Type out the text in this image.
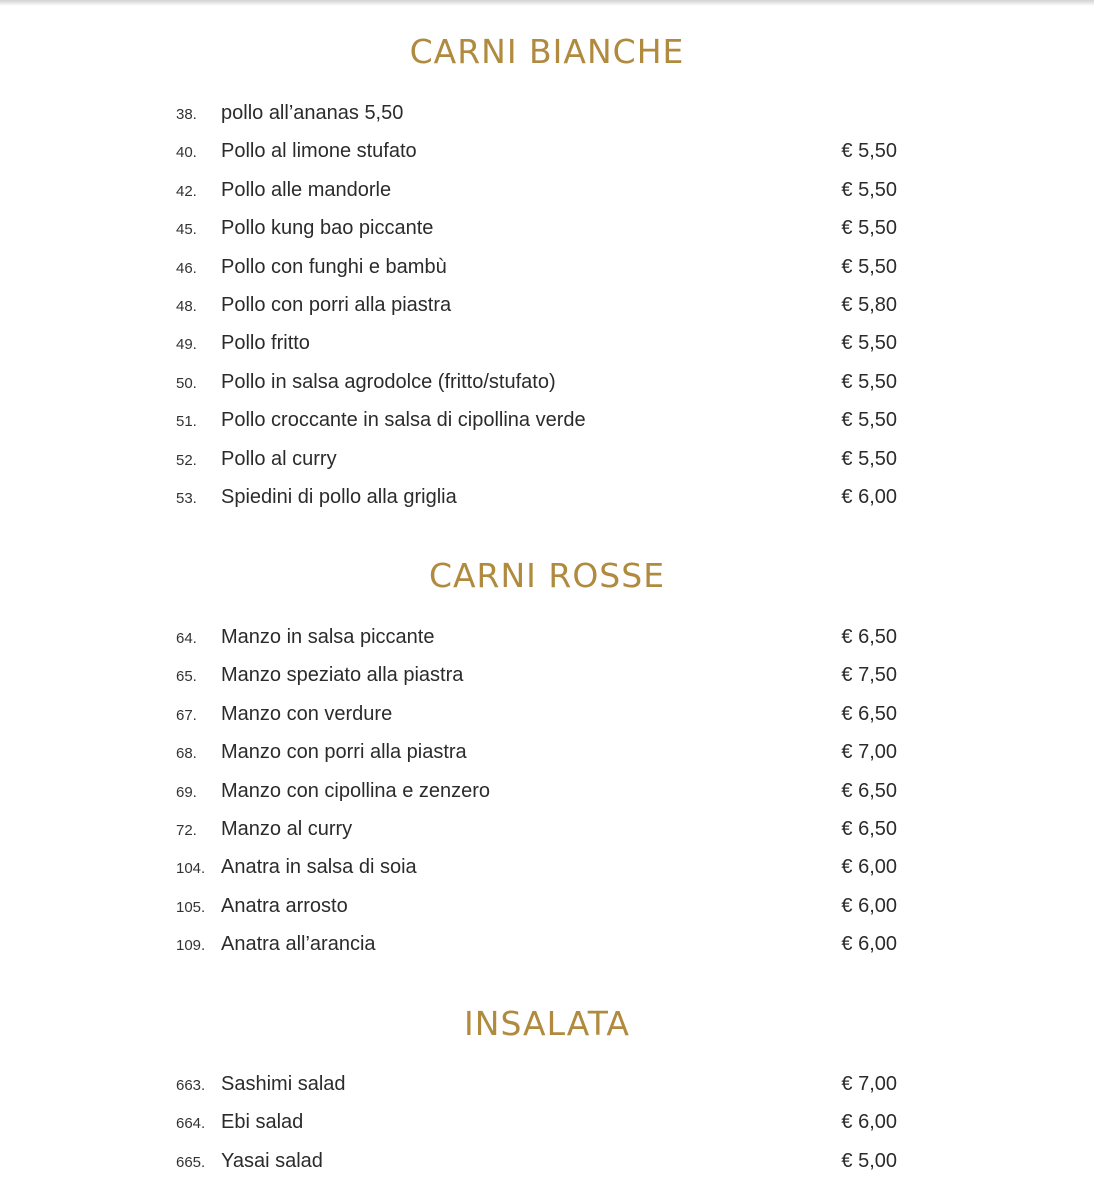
CARNI BIANCHE
38. pollo all’ananas 5,50
40. Pollo al limone stufato	€ 5,50
42. Pollo alle mandorle	€ 5,50
45. Pollo kung bao piccante	€ 5,50
46. Pollo con funghi e bambù	€ 5,50
48. Pollo con porri alla piastra	€ 5,80
49. Pollo fritto	€ 5,50
50. Pollo in salsa agrodolce (fritto/stufato)	€ 5,50
51. Pollo croccante in salsa di cipollina verde	€ 5,50
52. Pollo al curry	€ 5,50
53. Spiedini di pollo alla griglia	€ 6,00
CARNI ROSSE
64. Manzo in salsa piccante	€ 6,50
65. Manzo speziato alla piastra	€ 7,50
67. Manzo con verdure	€ 6,50
68. Manzo con porri alla piastra	€ 7,00
69. Manzo con cipollina e zenzero	€ 6,50
72. Manzo al curry	€ 6,50
104. Anatra in salsa di soia	€ 6,00
105. Anatra arrosto	€ 6,00
109. Anatra all’arancia	€ 6,00
INSALATA
663. Sashimi salad	€ 7,00
664. Ebi salad	€ 6,00
665. Yasai salad	€ 5,00
